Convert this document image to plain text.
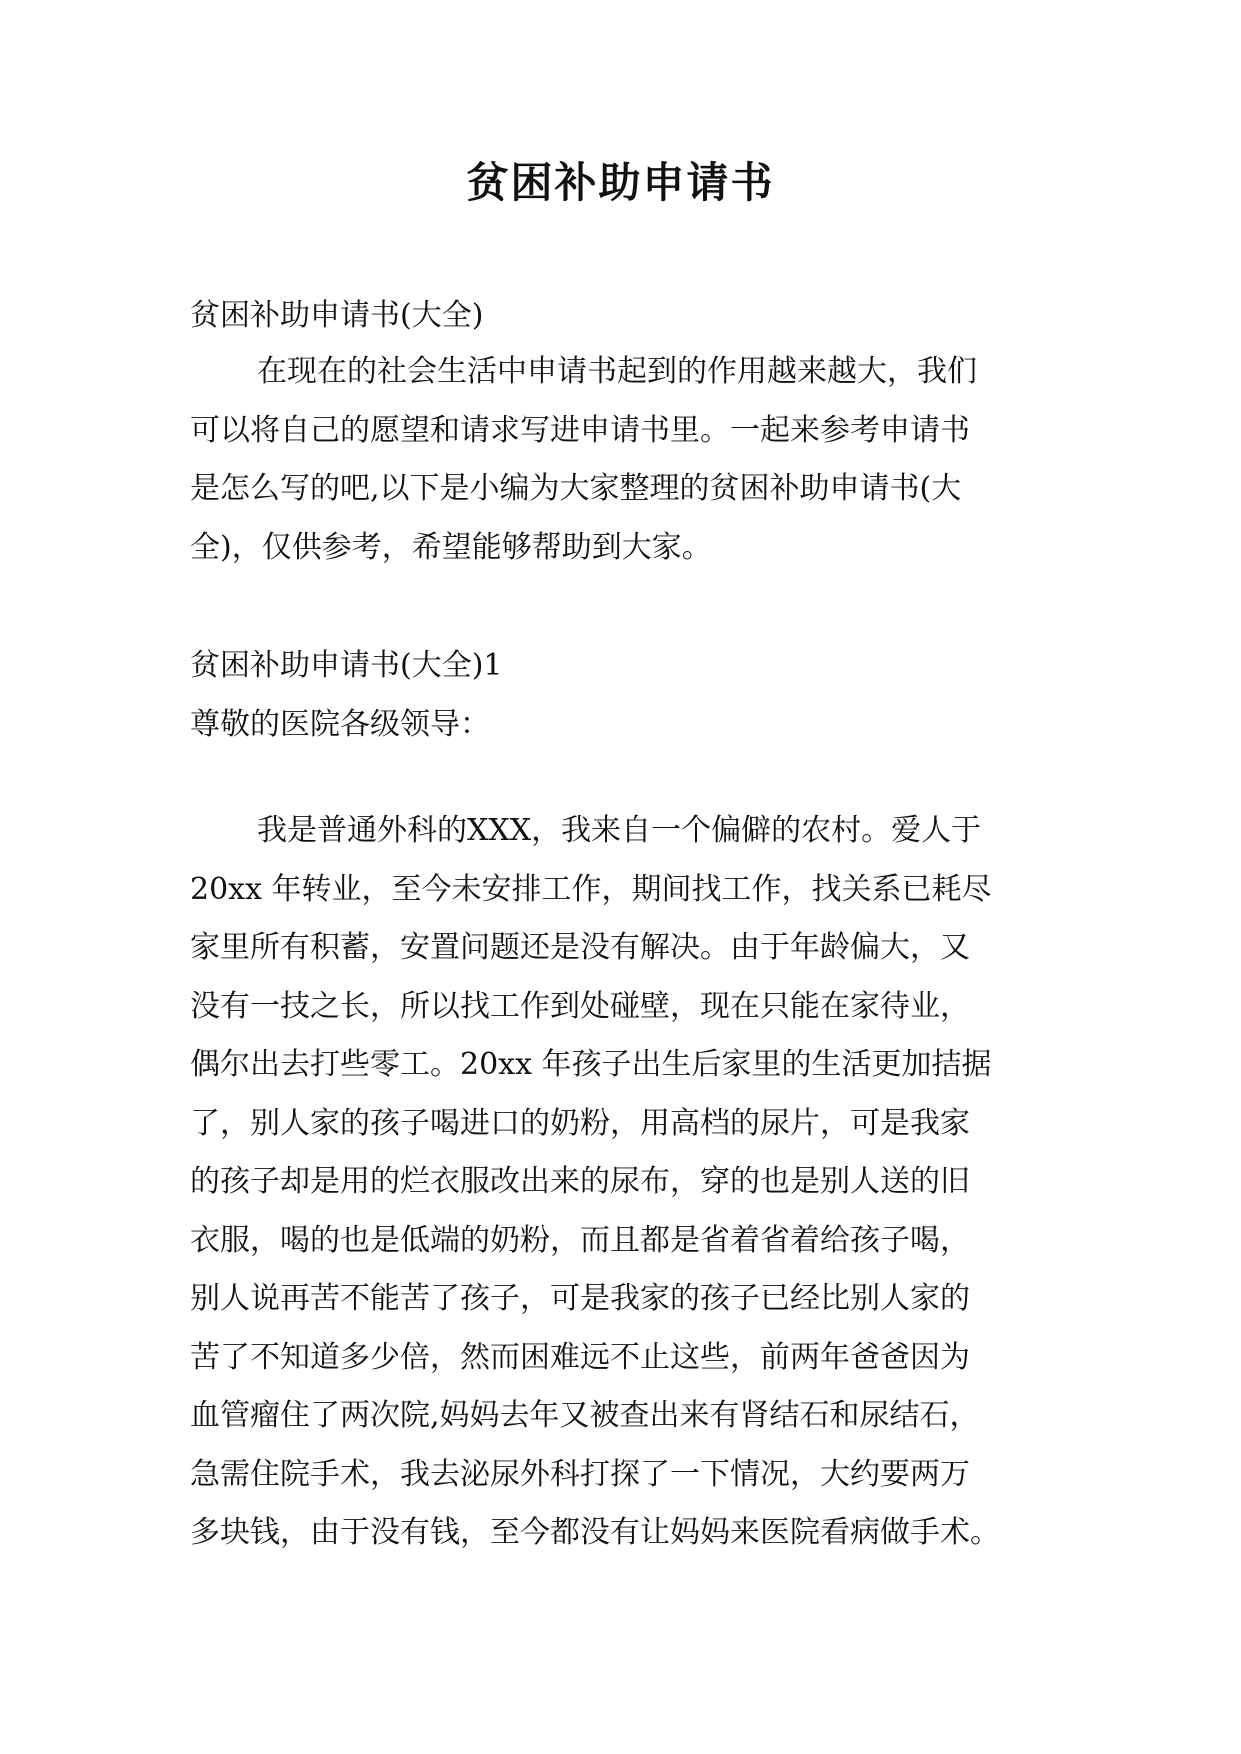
贫困补助申请书
贫困补助申请书(大全)
在现在的社会生活中申请书起到的作用越来越大，我们
可以将自己的愿望和请求写进申请书里。一起来参考申请书
是怎么写的吧,以下是小编为大家整理的贫困补助申请书(大
全)，仅供参考，希望能够帮助到大家。
贫困补助申请书(大全)1
尊敬的医院各级领导：
我是普通外科的XXX，我来自一个偏僻的农村。爱人于
20xx 年转业，至今未安排工作，期间找工作，找关系已耗尽
家里所有积蓄，安置问题还是没有解决。由于年龄偏大，又
没有一技之长，所以找工作到处碰壁，现在只能在家待业，
偶尔出去打些零工。20xx 年孩子出生后家里的生活更加拮据
了，别人家的孩子喝进口的奶粉，用高档的尿片，可是我家
的孩子却是用的烂衣服改出来的尿布，穿的也是别人送的旧
衣服，喝的也是低端的奶粉，而且都是省着省着给孩子喝，
别人说再苦不能苦了孩子，可是我家的孩子已经比别人家的
苦了不知道多少倍，然而困难远不止这些，前两年爸爸因为
血管瘤住了两次院,妈妈去年又被查出来有肾结石和尿结石，
急需住院手术，我去泌尿外科打探了一下情况，大约要两万
多块钱，由于没有钱，至今都没有让妈妈来医院看病做手术。
